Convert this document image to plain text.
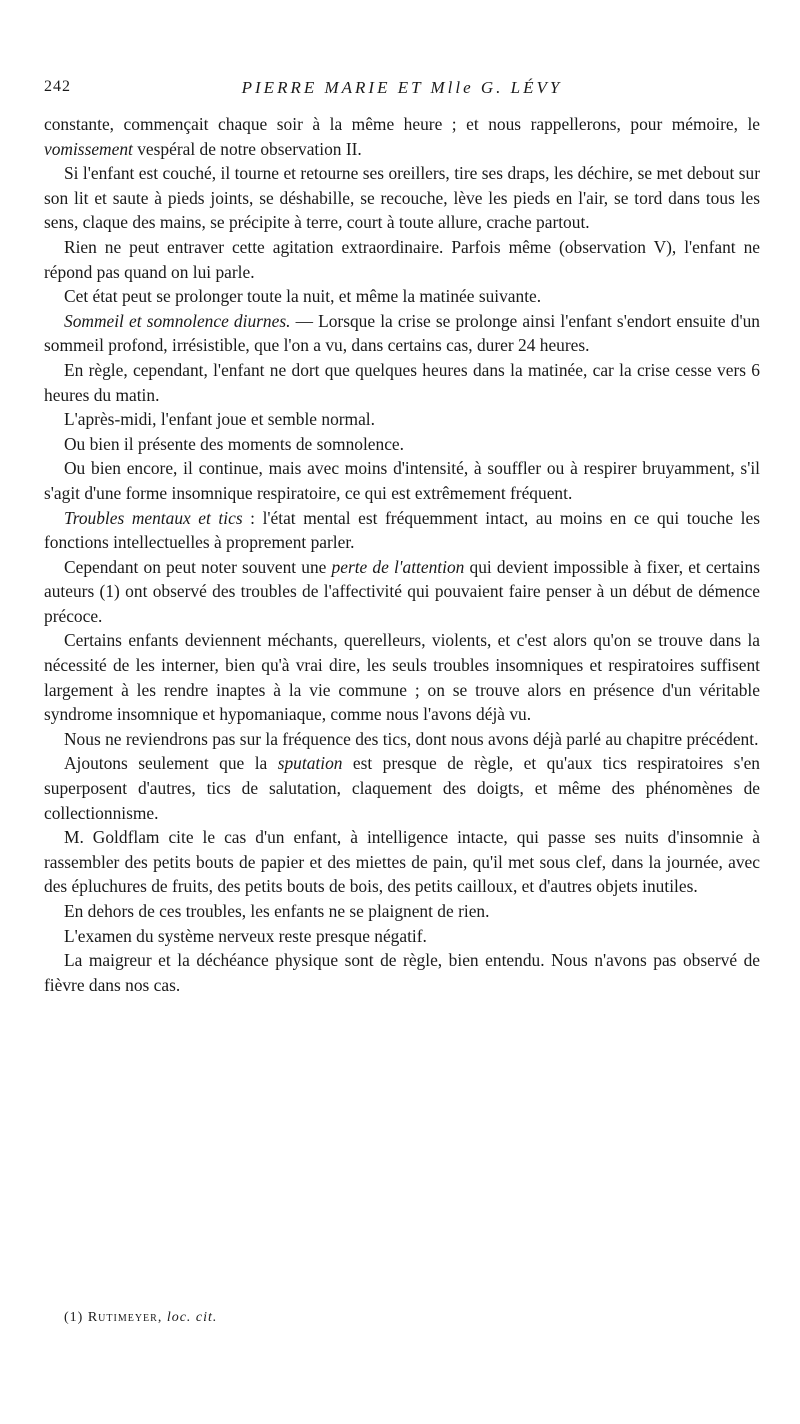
242	PIERRE MARIE ET Mlle G. LÉVY

constante, commençait chaque soir à la même heure ; et nous rappellerons, pour mémoire, le vomissement vespéral de notre observation II.

Si l'enfant est couché, il tourne et retourne ses oreillers, tire ses draps, les déchire, se met debout sur son lit et saute à pieds joints, se déshabille, se recouche, lève les pieds en l'air, se tord dans tous les sens, claque des mains, se précipite à terre, court à toute allure, crache partout.

Rien ne peut entraver cette agitation extraordinaire. Parfois même (observation V), l'enfant ne répond pas quand on lui parle.

Cet état peut se prolonger toute la nuit, et même la matinée suivante.

Sommeil et somnolence diurnes. — Lorsque la crise se prolonge ainsi l'enfant s'endort ensuite d'un sommeil profond, irrésistible, que l'on a vu, dans certains cas, durer 24 heures.

En règle, cependant, l'enfant ne dort que quelques heures dans la matinée, car la crise cesse vers 6 heures du matin.

L'après-midi, l'enfant joue et semble normal.

Ou bien il présente des moments de somnolence.

Ou bien encore, il continue, mais avec moins d'intensité, à souffler ou à respirer bruyamment, s'il s'agit d'une forme insomnique respiratoire, ce qui est extrêmement fréquent.

Troubles mentaux et tics : l'état mental est fréquemment intact, au moins en ce qui touche les fonctions intellectuelles à proprement parler.

Cependant on peut noter souvent une perte de l'attention qui devient impossible à fixer, et certains auteurs (1) ont observé des troubles de l'affectivité qui pouvaient faire penser à un début de démence précoce.

Certains enfants deviennent méchants, querelleurs, violents, et c'est alors qu'on se trouve dans la nécessité de les interner, bien qu'à vrai dire, les seuls troubles insomniques et respiratoires suffisent largement à les rendre inaptes à la vie commune ; on se trouve alors en présence d'un véritable syndrome insomnique et hypomaniaque, comme nous l'avons déjà vu.

Nous ne reviendrons pas sur la fréquence des tics, dont nous avons déjà parlé au chapitre précédent.

Ajoutons seulement que la sputation est presque de règle, et qu'aux tics respiratoires s'en superposent d'autres, tics de salutation, claquement des doigts, et même des phénomènes de collectionnisme.

M. Goldflam cite le cas d'un enfant, à intelligence intacte, qui passe ses nuits d'insomnie à rassembler des petits bouts de papier et des miettes de pain, qu'il met sous clef, dans la journée, avec des épluchures de fruits, des petits bouts de bois, des petits cailloux, et d'autres objets inutiles.

En dehors de ces troubles, les enfants ne se plaignent de rien.

L'examen du système nerveux reste presque négatif.

La maigreur et la déchéance physique sont de règle, bien entendu. Nous n'avons pas observé de fièvre dans nos cas.

(1) Rutimeyer, loc. cit.
